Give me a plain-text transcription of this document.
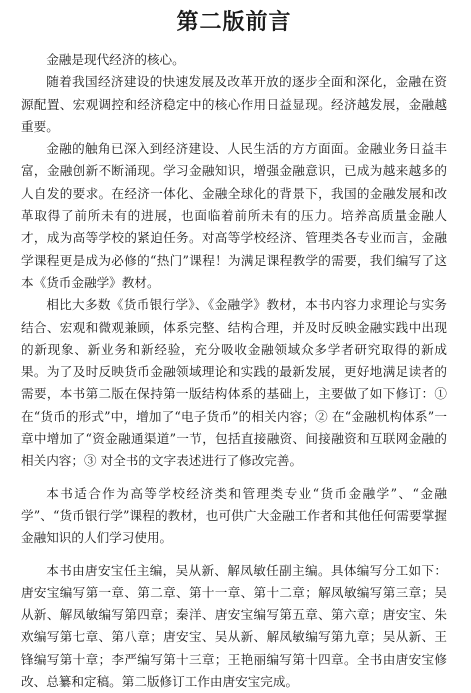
第二版前言

金融是现代经济的核心。

随着我国经济建设的快速发展及改革开放的逐步全面和深化，金融在资源配置、宏观调控和经济稳定中的核心作用日益显现。经济越发展，金融越重要。

金融的触角已深入到经济建设、人民生活的方方面面。金融业务日益丰富，金融创新不断涌现。学习金融知识，增强金融意识，已成为越来越多的人自发的要求。在经济一体化、金融全球化的背景下，我国的金融发展和改革取得了前所未有的进展，也面临着前所未有的压力。培养高质量金融人才，成为高等学校的紧迫任务。对高等学校经济、管理类各专业而言，金融学课程更是成为必修的“热门”课程！为满足课程教学的需要，我们编写了这本《货币金融学》教材。

相比大多数《货币银行学》、《金融学》教材，本书内容力求理论与实务结合、宏观和微观兼顾，体系完整、结构合理，并及时反映金融实践中出现的新现象、新业务和新经验，充分吸收金融领域众多学者研究取得的新成果。为了及时反映货币金融领域理论和实践的最新发展，更好地满足读者的需要，本书第二版在保持第一版结构体系的基础上，主要做了如下修订：① 在“货币的形式”中，增加了“电子货币”的相关内容；② 在“金融机构体系”一章中增加了“资金融通渠道”一节，包括直接融资、间接融资和互联网金融的相关内容；③ 对全书的文字表述进行了修改完善。

本书适合作为高等学校经济类和管理类专业“货币金融学”、“金融学”、“货币银行学”课程的教材，也可供广大金融工作者和其他任何需要掌握金融知识的人们学习使用。

本书由唐安宝任主编，吴从新、解凤敏任副主编。具体编写分工如下：唐安宝编写第一章、第二章、第十一章、第十二章；解凤敏编写第三章；吴从新、解凤敏编写第四章；秦洋、唐安宝编写第五章、第六章；唐安宝、朱欢编写第七章、第八章；唐安宝、吴从新、解凤敏编写第九章；吴从新、王锋编写第十章；李严编写第十三章；王艳丽编写第十四章。全书由唐安宝修改、总纂和定稿。第二版修订工作由唐安宝完成。
